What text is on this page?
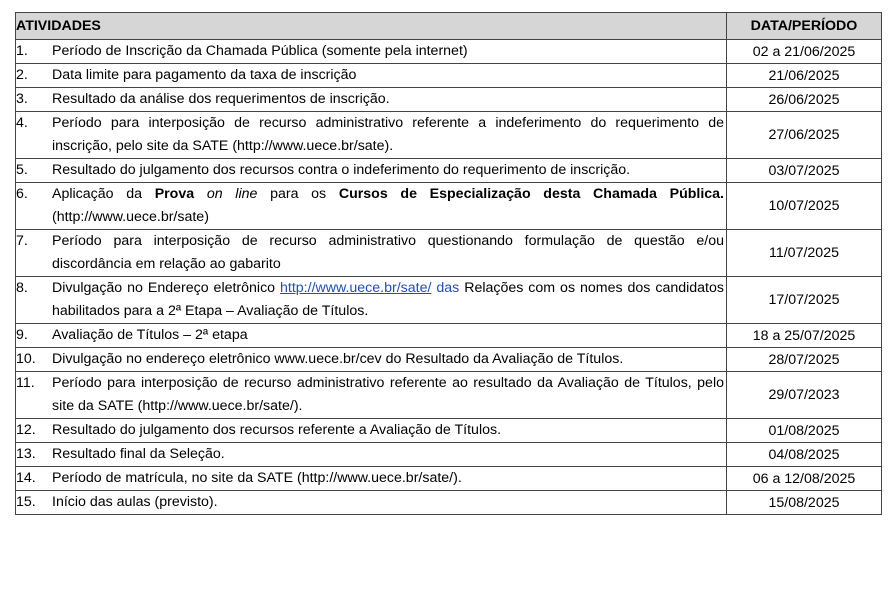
ATIVIDADES	DATA/PERÍODO

1. Período de Inscrição da Chamada Pública (somente pela internet)	02 a 21/06/2025

2. Data limite para pagamento da taxa de inscrição	21/06/2025

3. Resultado da análise dos requerimentos de inscrição.	26/06/2025

4. Período para interposição de recurso administrativo referente a indeferimento do requerimento de inscrição, pelo site da SATE (http://www.uece.br/sate).	27/06/2025

5. Resultado do julgamento dos recursos contra o indeferimento do requerimento de inscrição.	03/07/2025

6. Aplicação da Prova on line para os Cursos de Especialização desta Chamada Pública. (http://www.uece.br/sate)	10/07/2025

7. Período para interposição de recurso administrativo questionando formulação de questão e/ou discordância em relação ao gabarito	11/07/2025

8. Divulgação no Endereço eletrônico http://www.uece.br/sate/ das Relações com os nomes dos candidatos habilitados para a 2ª Etapa – Avaliação de Títulos.	17/07/2025

9. Avaliação de Títulos – 2ª etapa	18 a 25/07/2025

10. Divulgação no endereço eletrônico www.uece.br/cev do Resultado da Avaliação de Títulos.	28/07/2025

11. Período para interposição de recurso administrativo referente ao resultado da Avaliação de Títulos, pelo site da SATE (http://www.uece.br/sate/).	29/07/2023

12. Resultado do julgamento dos recursos referente a Avaliação de Títulos.	01/08/2025

13. Resultado final da Seleção.	04/08/2025

14. Período de matrícula, no site da SATE (http://www.uece.br/sate/).	06 a 12/08/2025

15. Início das aulas (previsto).	15/08/2025
